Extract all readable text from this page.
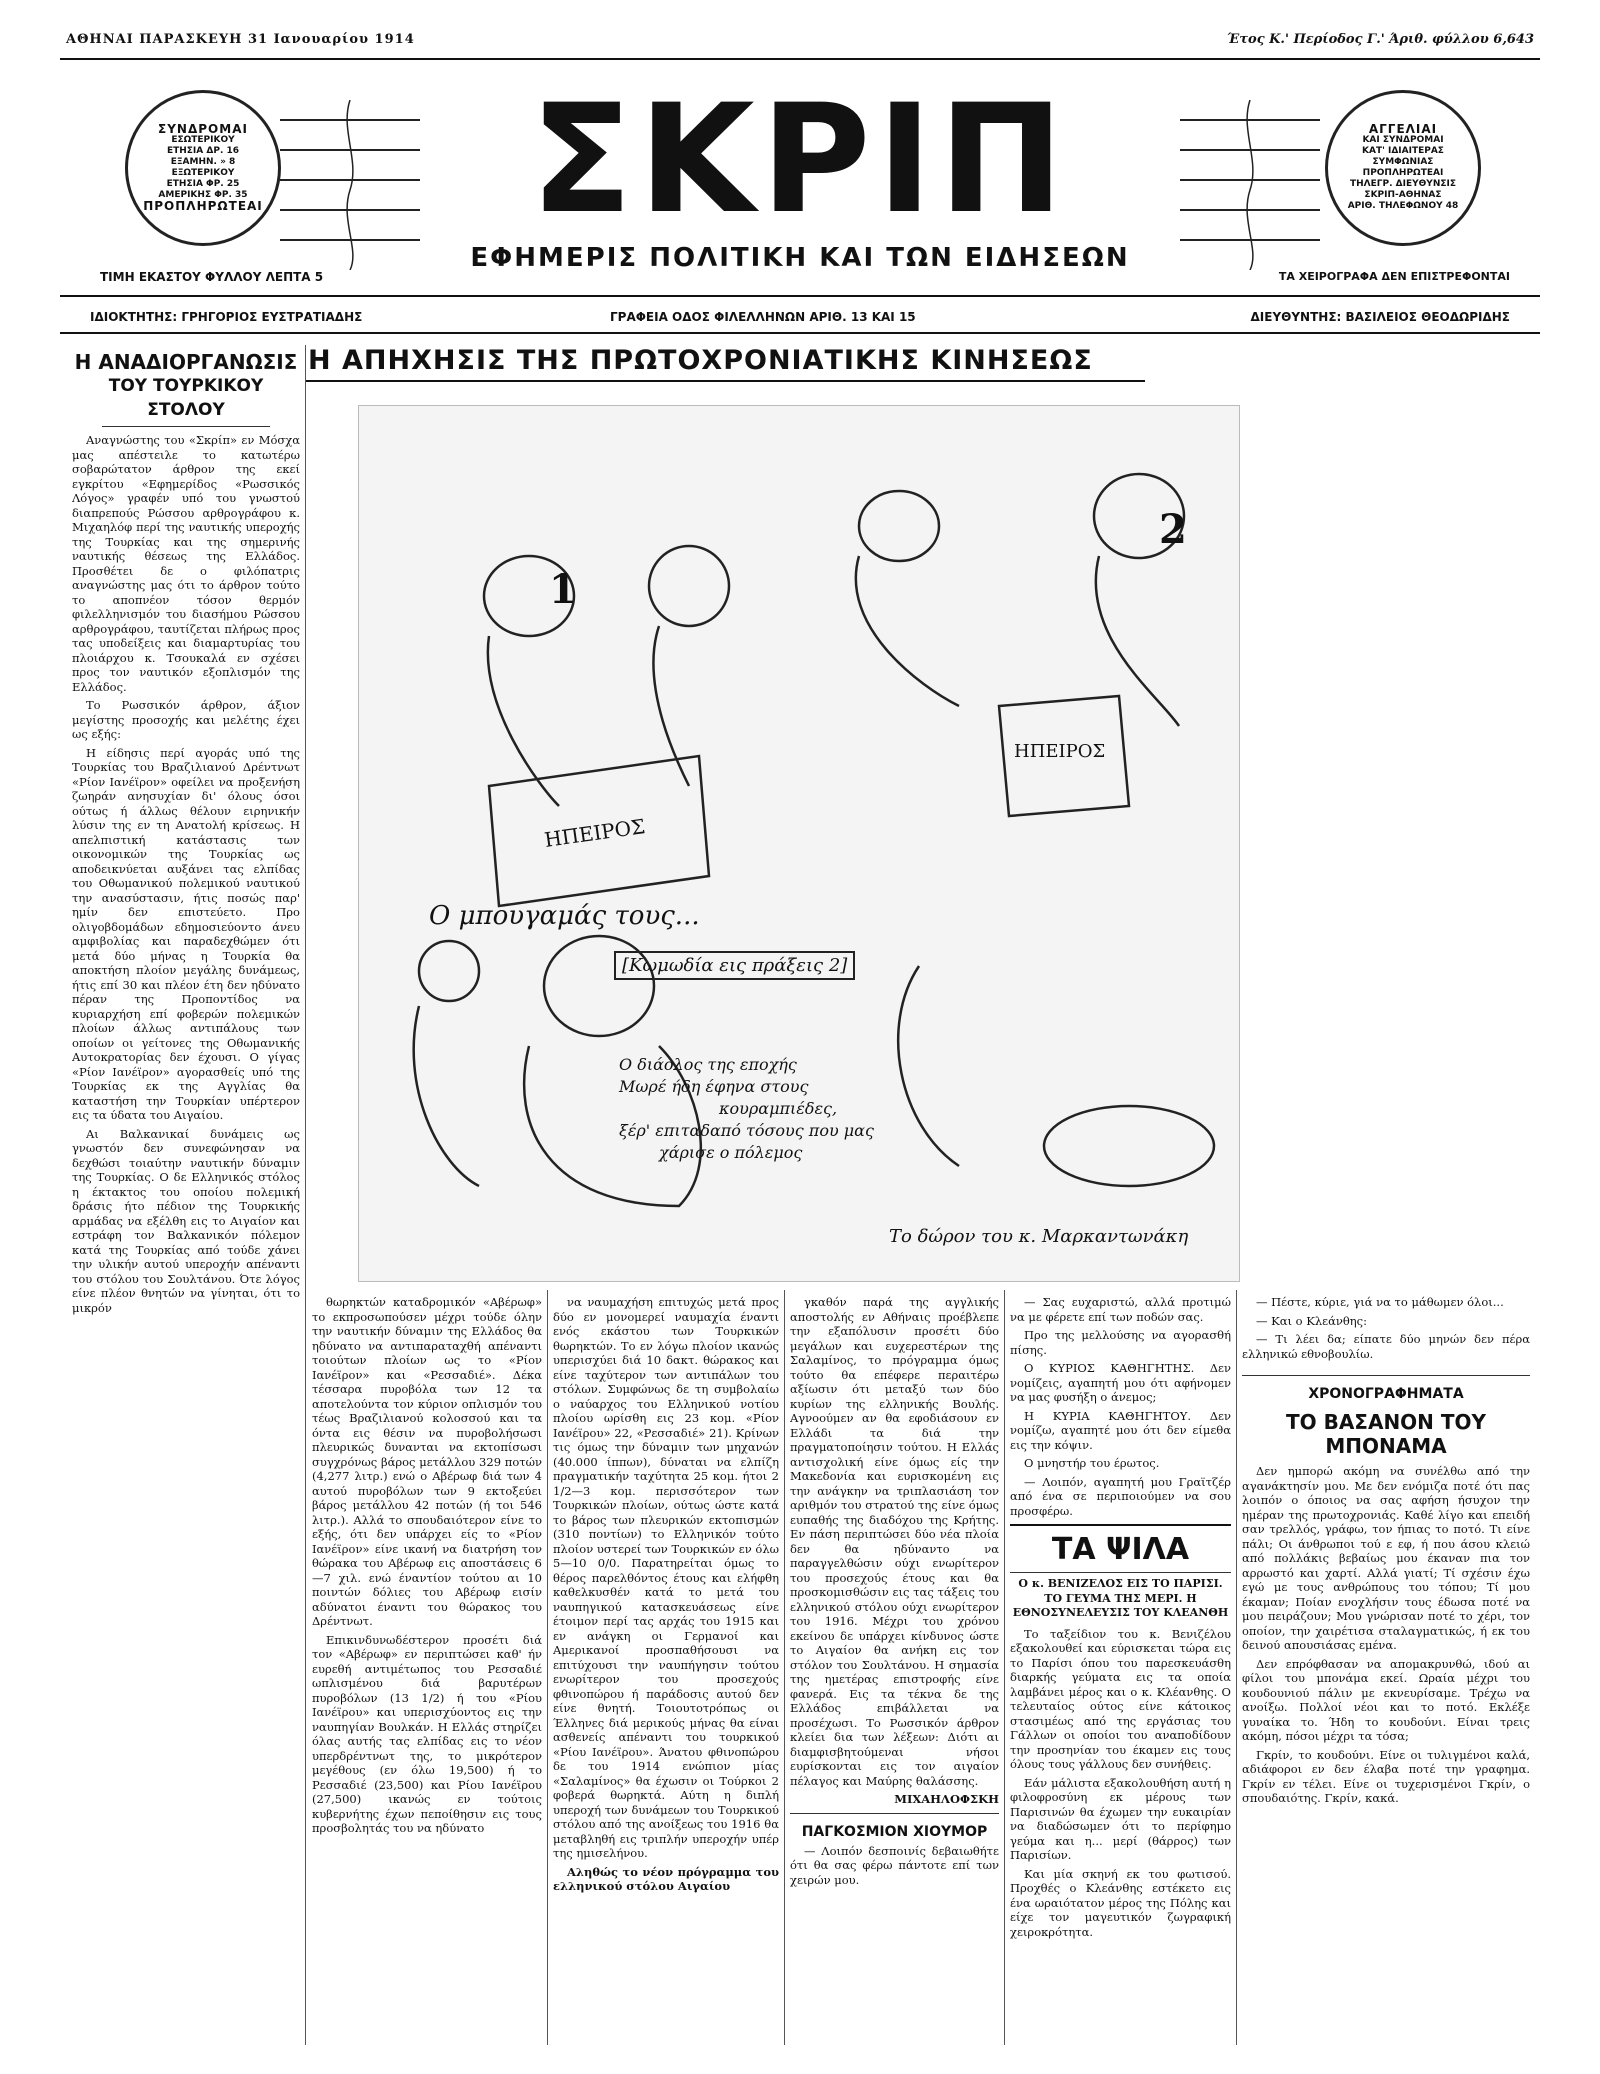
ΑΘΗΝΑΙ ΠΑΡΑΣΚΕΥΗ 31 Ιανουαρίου 1914	Έτος Κ.' Περίοδος Γ.' Άριθ. φύλλου 6,643
ΣΥΝΔΡΟΜΑΙ
ΕΣΩΤΕΡΙΚΟΥ
ΕΤΗΣΙΑ ΔΡ. 16
ΕΞΑΜΗΝ. » 8
ΕΞΩΤΕΡΙΚΟΥ
ΕΤΗΣΙΑ ΦΡ. 25
ΑΜΕΡΙΚΗΣ ΦΡ. 35
ΠΡΟΠΛΗΡΩΤΕΑΙ	ΣΚΡΙΠ
ΕΦΗΜΕΡΙΣ ΠΟΛΙΤΙΚΗ ΚΑΙ ΤΩΝ ΕΙΔΗΣΕΩΝ
ΑΓΓΕΛΙΑΙ
ΚΑΙ ΣΥΝΔΡΟΜΑΙ
ΚΑΤ' ΙΔΙΑΙΤΕΡΑΣ
ΣΥΜΦΩΝΙΑΣ
ΠΡΟΠΛΗΡΩΤΕΑΙ
ΤΗΛΕΓΡ. ΔΙΕΥΘΥΝΣΙΣ
ΣΚΡΙΠ-ΑΘΗΝΑΣ
ΑΡΙΘ. ΤΗΛΕΦΩΝΟΥ 48
ΤΙΜΗ ΕΚΑΣΤΟΥ ΦΥΛΛΟΥ ΛΕΠΤΑ 5	ΤΑ ΧΕΙΡΟΓΡΑΦΑ ΔΕΝ ΕΠΙΣΤΡΕΦΟΝΤΑΙ
ΙΔΙΟΚΤΗΤΗΣ: ΓΡΗΓΟΡΙΟΣ ΕΥΣΤΡΑΤΙΑΔΗΣ	ΓΡΑΦΕΙΑ ΟΔΟΣ ΦΙΛΕΛΛΗΝΩΝ ΑΡΙΘ. 13 ΚΑΙ 15	ΔΙΕΥΘΥΝΤΗΣ: ΒΑΣΙΛΕΙΟΣ ΘΕΟΔΩΡΙΔΗΣ
Η ΑΠΗΧΗΣΙΣ ΤΗΣ ΠΡΩΤΟΧΡΟΝΙΑΤΙΚΗΣ ΚΙΝΗΣΕΩΣ
Η ΑΝΑΔΙΟΡΓΑΝΩΣΙΣ
ΤΟΥ ΤΟΥΡΚΙΚΟΥ ΣΤΟΛΟΥ

Αναγνώστης του «Σκρίπ» εν Μόσχα μας απέστειλε το κατωτέρω σοβαρώτατον άρθρον της εκεί εγκρίτου «Εφημερίδος «Ρωσσικός Λόγος» γραφέν υπό του γνωστού διαπρεπούς Ρώσσου αρθρογράφου κ. Μιχαηλόφ περί της ναυτικής υπεροχής της Τουρκίας και της σημερινής ναυτικής θέσεως της Ελλάδος. Προσθέτει δε ο φιλόπατρις αναγνώστης μας ότι το άρθρον τούτο το αποπνέον τόσον θερμόν φιλελληνισμόν του διασήμου Ρώσσου αρθρογράφου, ταυτίζεται πλήρως προς τας υποδείξεις και διαμαρτυρίας του πλοιάρχου κ. Τσουκαλά εν σχέσει προς τον ναυτικόν εξοπλισμόν της Ελλάδος.

Το Ρωσσικόν άρθρον, άξιον μεγίστης προσοχής και μελέτης έχει ως εξής:

Η είδησις περί αγοράς υπό της Τουρκίας του Βραζιλιανού Δρέντνωτ «Ρίον Ιανέϊρον» οφείλει να προξενήση ζωηράν ανησυχίαν δι' όλους όσοι ούτως ή άλλως θέλουν ειρηνικήν λύσιν της εν τη Ανατολή κρίσεως. Η απελπιστική κατάστασις των οικονομικών της Τουρκίας ως αποδεικνύεται αυξάνει τας ελπίδας του Οθωμανικού πολεμικού ναυτικού την ανασύστασιν, ήτις ποσώς παρ' ημίν δεν επιστεύετο. Προ ολιγοβδομάδων εδημοσιεύοντο άνευ αμφιβολίας και παραδεχθώμεν ότι μετά δύο μήνας η Τουρκία θα αποκτήση πλοίον μεγάλης δυνάμεως, ήτις επί 30 και πλέον έτη δεν ηδύνατο πέραν της Προποντίδος να κυριαρχήση επί φοβερών πολεμικών πλοίων άλλως αντιπάλους των οποίων οι γείτονες της Οθωμανικής Αυτοκρατορίας δεν έχουσι. Ο γίγας «Ρίον Ιανέϊρον» αγορασθείς υπό της Τουρκίας εκ της Αγγλίας θα καταστήση την Τουρκίαν υπέρτερον εις τα ύδατα του Αιγαίου.

Αι Βαλκανικαί δυνάμεις ως γνωστόν δεν συνεφώνησαν να δεχθώσι τοιαύτην ναυτικήν δύναμιν της Τουρκίας. Ο δε Ελληνικός στόλος η έκτακτος του οποίου πολεμική δράσις ήτο πέδιον της Τουρκικής αρμάδας να εξέλθη εις το Αιγαίον και εστράφη τον Βαλκανικόν πόλεμον κατά της Τουρκίας από τούδε χάνει την υλικήν αυτού υπεροχήν απέναντι του στόλου του Σουλτάνου. Ότε λόγος είνε πλέον θνητών να γίνηται, ότι το μικρόν

1
2
ΗΠΕΙΡΟΣ
ΗΠΕΙΡΟΣ
Ο μπουγαμάς τους...
[Κωμωδία εις πράξεις 2]
Ο διάολος της εποχής
Μωρέ ήδη έφηνα στους
κουραμπιέδες,
ξέρ' επιταδαπό τόσους που μας
χάρισε ο πόλεμος
Το δώρον του κ. Μαρκαντωνάκη

θωρηκτών καταδρομικόν «Αβέρωφ» το εκπροσωπούσεν μέχρι τούδε όλην την ναυτικήν δύναμιν της Ελλάδος θα ηδύνατο να αντιπαραταχθή απέναντι τοιούτων πλοίων ως το «Ρίον Ιανέϊρον» και «Ρεσσαδιέ». Δέκα τέσσαρα πυροβόλα των 12 τα αποτελούντα τον κύριον οπλισμόν του τέως Βραζιλιανού κολοσσού και τα όντα εις θέσιν να πυροβολήσωσι πλευρικώς δυνανται να εκτοπίσωσι συγχρόνως βάρος μετάλλου 329 ποτών (4,277 λιτρ.) ενώ ο Αβέρωφ διά των 4 αυτού πυροβόλων των 9 εκτοξεύει βάρος μετάλλου 42 ποτών (ή τοι 546 λιτρ.). Αλλά το σπουδαιότερον είνε το εξής, ότι δεν υπάρχει είς το «Ρίον Ιανέϊρον» είνε ικανή να διατρήση τον θώρακα του Αβέρωφ εις αποστάσεις 6—7 χιλ. ενώ έναντίον τούτου αι 10 ποιντών δόλιες του Αβέρωφ εισίν αδύνατοι έναντι του θώρακος του Δρέντνωτ.

Επικινδυνωδέστερον προσέτι διά τον «Αβέρωφ» εν περιπτώσει καθ' ήν ευρεθή αντιμέτωπος του Ρεσσαδιέ ωπλισμένου διά βαρυτέρων πυροβόλων (13 1/2) ή του «Ρίου Ιανέϊρου» και υπερισχύοντος εις την ναυπηγίαν Βουλκάν. Η Ελλάς στηρίζει όλας αυτής τας ελπίδας εις το νέον υπερδρέντνωτ της, το μικρότερον μεγέθους (εν όλω 19,500) ή το Ρεσσαδιέ (23,500) και Ρίου Ιανέϊρου (27,500) ικανώς εν τούτοις κυβερνήτης έχων πεποίθησιν εις τους προσβολητάς του να ηδύνατο

να ναυμαχήση επιτυχώς μετά προς δύο εν μονομερεί ναυμαχία έναντι ενός εκάστου των Τουρκικών θωρηκτών. Το εν λόγω πλοίον ικανώς υπερισχύει διά 10 δακτ. θώρακος και είνε ταχύτερον των αντιπάλων του στόλων. Συμφώνως δε τη συμβολαίω ο ναύαρχος του Ελληνικού νοτίου πλοίου ωρίσθη εις 23 κομ. «Ρίον Ιανέϊρου» 22, «Ρεσσαδιέ» 21). Κρίνων τις όμως την δύναμιν των μηχανών (40.000 ίππων), δύναται να ελπίζη πραγματικήν ταχύτητα 25 κομ. ήτοι 2 1/2—3 κομ. περισσότερον των Τουρκικών πλοίων, ούτως ώστε κατά το βάρος των πλευρικών εκτοπισμών (310 ποντίων) το Ελληνικόν τούτο πλοίον υστερεί των Τουρκικών εν όλω 5—10 0/0. Παρατηρείται όμως το θέρος παρελθόντος έτους και ελήφθη καθελκυσθέν κατά το μετά του ναυπηγικού κατασκευάσεως είνε έτοιμον περί τας αρχάς του 1915 και εν ανάγκη οι Γερμανοί και Αμερικανοί προσπαθήσουσι να επιτύχουσι την ναυπήγησιν τούτου ενωρίτερον του προσεχούς φθινοπώρου ή παράδοσις αυτού δεν είνε θνητή. Τοιουτοτρόπως οι Έλληνες διά μερικούς μήνας θα είναι ασθενείς απέναντι του τουρκικού «Ρίου Ιανέϊρου». Άνατου φθινοπώρου δε του 1914 ενώπιον μίας «Σαλαμίνος» θα έχωσιν οι Τούρκοι 2 φοβερά θωρηκτά. Αύτη η διπλή υπεροχή των δυνάμεων του Τουρκικού στόλου από της ανοίξεως του 1916 θα μεταβληθή εις τριπλήν υπεροχήν υπέρ της ημισελήνου.

Αληθώς το νέον πρόγραμμα του ελληνικού στόλου Αιγαίου

γκαθόν παρά της αγγλικής αποστολής εν Αθήναις προέβλεπε την εξαπόλυσιν προσέτι δύο μεγάλων και ευχερεστέρων της Σαλαμίνος, το πρόγραμμα όμως τούτο θα επέφερε περαιτέρω αξίωσιν ότι μεταξύ των δύο κυρίων της ελληνικής Βουλής. Αγνοούμεν αν θα εφοδιάσουν εν Ελλάδι τα διά την πραγματοποίησιν τούτου. Η Ελλάς αντισχολική είνε όμως είς την Μακεδονία και ευρισκομένη εις την ανάγκην να τριπλασιάση τον αριθμόν του στρατού της είνε όμως ευπαθής της διαδόχου της Κρήτης. Εν πάση περιπτώσει δύο νέα πλοία δεν θα ηδύναντο να παραγγελθώσιν ούχι ενωρίτερον του προσεχούς έτους και θα προσκομισθώσιν εις τας τάξεις του ελληνικού στόλου ούχι ενωρίτερον του 1916. Μέχρι του χρόνου εκείνου δε υπάρχει κίνδυνος ώστε το Αιγαίον θα ανήκη εις τον στόλον του Σουλτάνου. Η σημασία της ημετέρας επιστροφής είνε φανερά. Εις τα τέκνα δε της Ελλάδος επιβάλλεται να προσέχωσι. Το Ρωσσικόν άρθρον κλείει δια των λέξεων: Διότι αι διαμφισβητούμεναι νήσοι ευρίσκονται εις τον αιγαίον πέλαγος και Μαύρης θαλάσσης.

ΜΙΧΑΗΛΟΦΣΚΗ
ΠΑΓΚΟΣΜΙΟΝ ΧΙΟΥΜΟΡ

— Λοιπόν δεσποινίς δεβαιωθήτε ότι θα σας φέρω πάντοτε επί των χειρών μου.

— Σας ευχαριστώ, αλλά προτιμώ να με φέρετε επί των ποδών σας.

Προ της μελλούσης να αγορασθή πίσης.

Ο ΚΥΡΙΟΣ ΚΑΘΗΓΗΤΗΣ. Δεν νομίζεις, αγαπητή μου ότι αφήνομεν να μας φυσήξη ο άνεμος;

Η ΚΥΡΙΑ ΚΑΘΗΓΗΤΟΥ. Δεν νομίζω, αγαπητέ μου ότι δεν είμεθα εις την κόψιν.

Ο μνηστήρ του έρωτος.

— Λοιπόν, αγαπητή μου Γραϊτζέρ από ένα σε περιποιούμεν να σου προσφέρω.

ΤΑ ΨΙΛΑ
Ο κ. ΒΕΝΙΖΕΛΟΣ ΕΙΣ ΤΟ ΠΑΡΙΣΙ. ΤΟ ΓΕΥΜΑ ΤΗΣ ΜΕΡΙ. Η ΕΘΝΟΣΥΝΕΛΕΥΣΙΣ ΤΟΥ ΚΛΕΑΝΘΗ

Το ταξείδιον του κ. Βενιζέλου εξακολουθεί και εύρισκεται τώρα εις το Παρίσι όπου του παρεσκευάσθη διαρκής γεύματα εις τα οποία λαμβάνει μέρος και ο κ. Κλέανθης. Ο τελευταίος ούτος είνε κάτοικος στασιμέως από της εργάσιας του Γάλλων οι οποίοι του αναποδίδουν την προσηνίαν του έκαμεν εις τους όλους τους γάλλους δεν συνήθεις.

Εάν μάλιστα εξακολουθήση αυτή η φιλοφροσύνη εκ μέρους των Παρισινών θα έχωμεν την ευκαιρίαν να διαδώσωμεν ότι το περίφημο γεύμα και η... μερί (θάρρος) των Παρισίων.

Και μία σκηνή εκ του φωτισού. Προχθές ο Κλεάνθης εστέκετο εις ένα ωραιότατον μέρος της Πόλης και είχε τον μαγευτικόν ζωγραφική χειροκρότητα.

— Πέστε, κύριε, γιά να το μάθωμεν όλοι...

— Και ο Κλεάνθης:

— Τι λέει δα; είπατε δύο μηνών δεν πέρα ελληνικώ εθνοβουλίω.

ΧΡΟΝΟΓΡΑΦΗΜΑΤΑ
ΤΟ ΒΑΣΑΝΟΝ ΤΟΥ ΜΠΟΝΑΜΑ

Δεν ημπορώ ακόμη να συνέλθω από την αγανάκτησίν μου. Με δεν ενόμιζα ποτέ ότι πας λοιπόν ο όποιος να σας αφήση ήσυχον την ημέραν της πρωτοχρονιάς. Καθέ λίγο και επειδή σαν τρελλός, γράφω, τον ήπιας το ποτό. Τι είνε πάλι; Οι άνθρωποι τού ε εφ, ή που άσου κλειώ από πολλάκις βεβαίως μου έκαναν πια τον αρρωστό και χαρτί. Αλλά γιατί; Τί σχέσιν έχω εγώ με τους ανθρώπους του τόπου; Τί μου έκαμαν; Ποίαν ενοχλήσιν τους έδωσα ποτέ να μου πειράζουν; Μου γνώρισαν ποτέ το χέρι, τον οποίον, την χαιρέτισα σταλαγματικώς, ή εκ του δεινού απουσιάσας εμένα.

Δεν επρόφθασαν να απομακρυνθώ, ιδού αι φίλοι του μπονάμα εκεί. Ωραία μέχρι του κουδουνιού πάλιν με εκνευρίσαμε. Τρέχω να ανοίξω. Πολλοί νέοι και το ποτό. Εκλέξε γυναίκα το. Ήδη το κουδούνι. Είναι τρεις ακόμη, πόσοι μέχρι τα τόσα;

Γκρίν, το κουδούνι. Είνε οι τυλιγμένοι καλά, αδιάφοροι εν δεν έλαβα ποτέ την γραφημα. Γκρίν εν τέλει. Είνε οι τυχερισμένοι Γκρίν, ο σπουδαιότης. Γκρίν, κακά.
